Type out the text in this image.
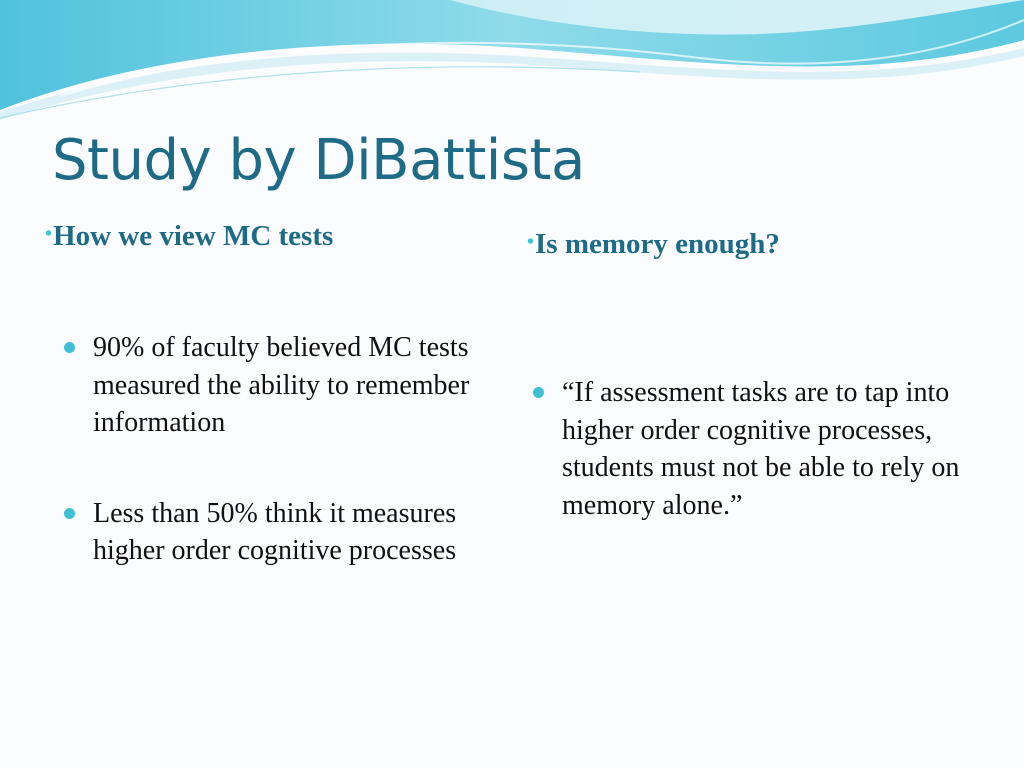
Study by DiBattista
•How we view MC tests	•Is memory enough?
90% of faculty believed MC tests measured the ability to remember information
Less than 50% think it measures higher order cognitive processes
“If assessment tasks are to tap into higher order cognitive processes, students must not be able to rely on memory alone.”
